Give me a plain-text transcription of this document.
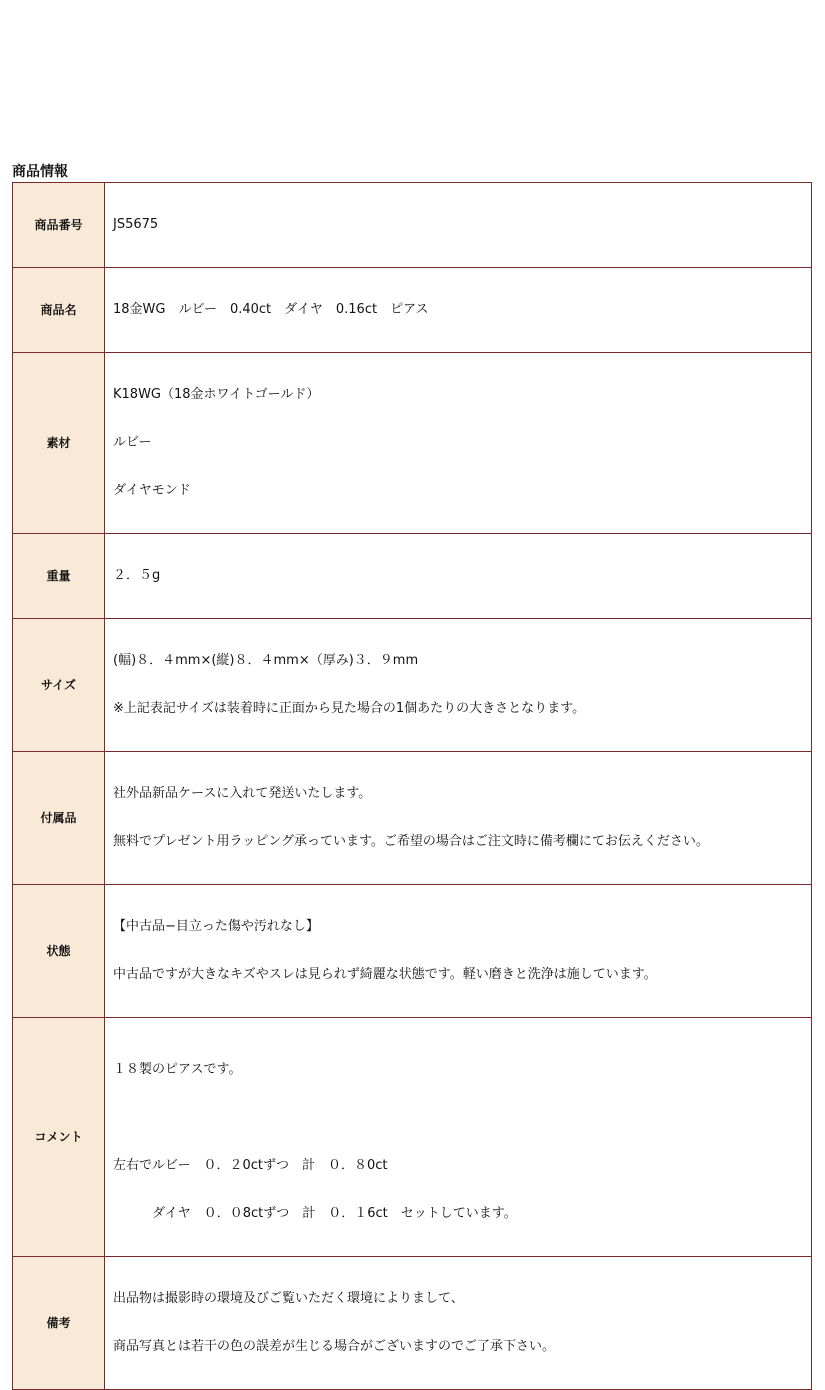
商品情報
商品番号	JS5675

商品名	18金WG　ルビー　0.40ct　ダイヤ　0.16ct　ピアス

素材	K18WG（18金ホワイトゴールド）

ルビー

ダイヤモンド

重量	２．５g

サイズ	(幅)８．４mm×(縦)８．４mm×（厚み)３．９mm

※上記表記サイズは装着時に正面から見た場合の1個あたりの大きさとなります。

付属品	社外品新品ケースに入れて発送いたします。

無料でプレゼント用ラッピング承っています。ご希望の場合はご注文時に備考欄にてお伝えください。

状態	【中古品−目立った傷や汚れなし】

中古品ですが大きなキズやスレは見られず綺麗な状態です。軽い磨きと洗浄は施しています。

コメント	１８製のピアスです。

左右でルビー　０．２0ctずつ　計　０．８0ct

　　　ダイヤ　０．０8ctずつ　計　０．１6ct　セットしています。

備考	出品物は撮影時の環境及びご覧いただく環境によりまして、

商品写真とは若干の色の誤差が生じる場合がございますのでご了承下さい。
